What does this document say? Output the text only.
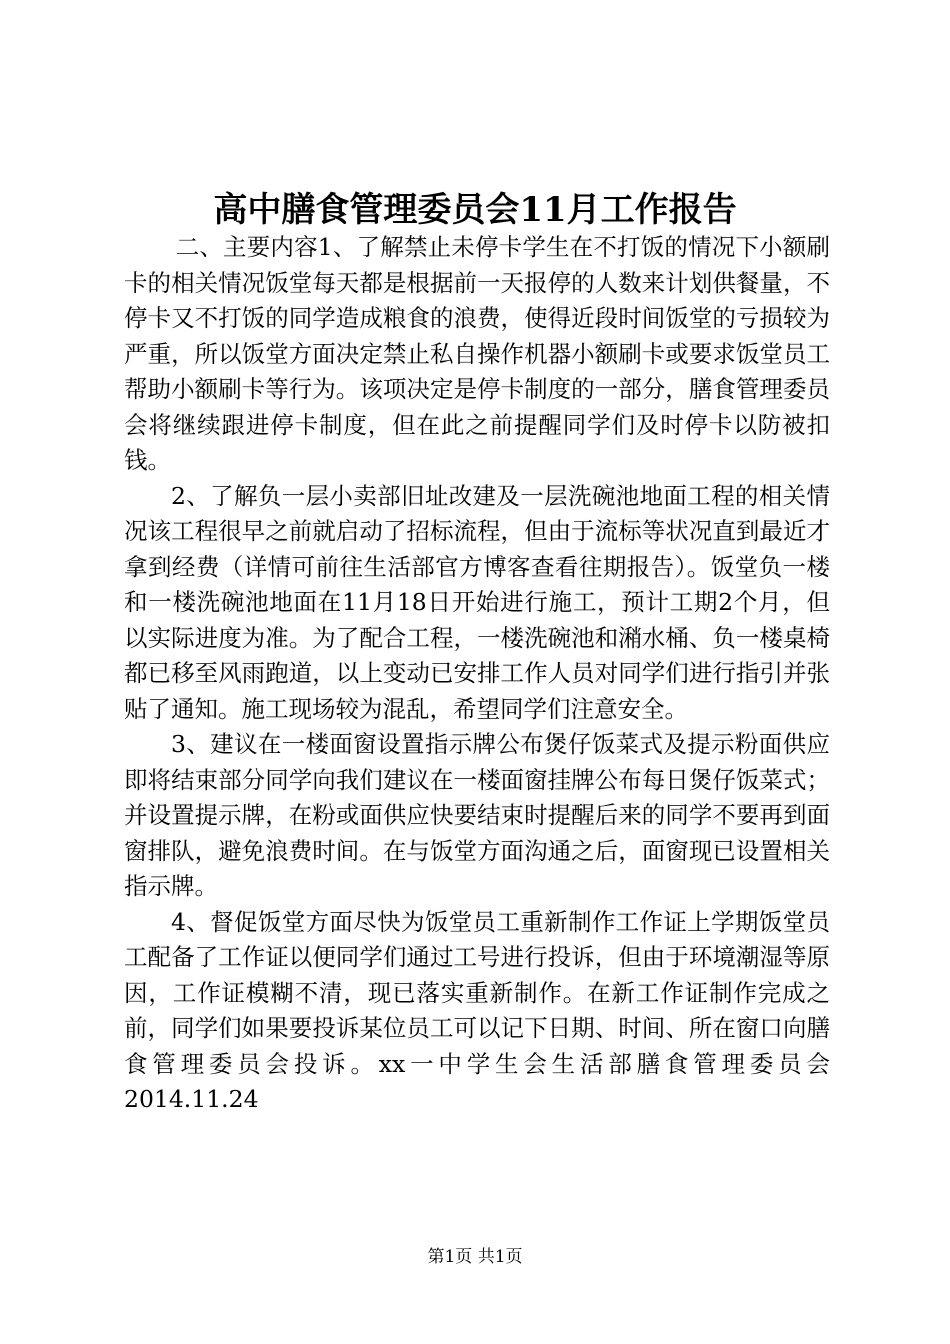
高中膳食管理委员会11月工作报告

二、主要内容1、了解禁止未停卡学生在不打饭的情况下小额刷卡的相关情况饭堂每天都是根据前一天报停的人数来计划供餐量，不停卡又不打饭的同学造成粮食的浪费，使得近段时间饭堂的亏损较为严重，所以饭堂方面决定禁止私自操作机器小额刷卡或要求饭堂员工帮助小额刷卡等行为。该项决定是停卡制度的一部分，膳食管理委员会将继续跟进停卡制度，但在此之前提醒同学们及时停卡以防被扣钱。

2、了解负一层小卖部旧址改建及一层洗碗池地面工程的相关情况该工程很早之前就启动了招标流程，但由于流标等状况直到最近才拿到经费（详情可前往生活部官方博客查看往期报告）。饭堂负一楼和一楼洗碗池地面在11月18日开始进行施工，预计工期2个月，但以实际进度为准。为了配合工程，一楼洗碗池和潲水桶、负一楼桌椅都已移至风雨跑道，以上变动已安排工作人员对同学们进行指引并张贴了通知。施工现场较为混乱，希望同学们注意安全。

3、建议在一楼面窗设置指示牌公布煲仔饭菜式及提示粉面供应即将结束部分同学向我们建议在一楼面窗挂牌公布每日煲仔饭菜式；并设置提示牌，在粉或面供应快要结束时提醒后来的同学不要再到面窗排队，避免浪费时间。在与饭堂方面沟通之后，面窗现已设置相关指示牌。

4、督促饭堂方面尽快为饭堂员工重新制作工作证上学期饭堂员工配备了工作证以便同学们通过工号进行投诉，但由于环境潮湿等原因，工作证模糊不清，现已落实重新制作。在新工作证制作完成之前，同学们如果要投诉某位员工可以记下日期、时间、所在窗口向膳食管理委员会投诉。xx一中学生会生活部膳食管理委员会2014.11.24

第1页 共1页
